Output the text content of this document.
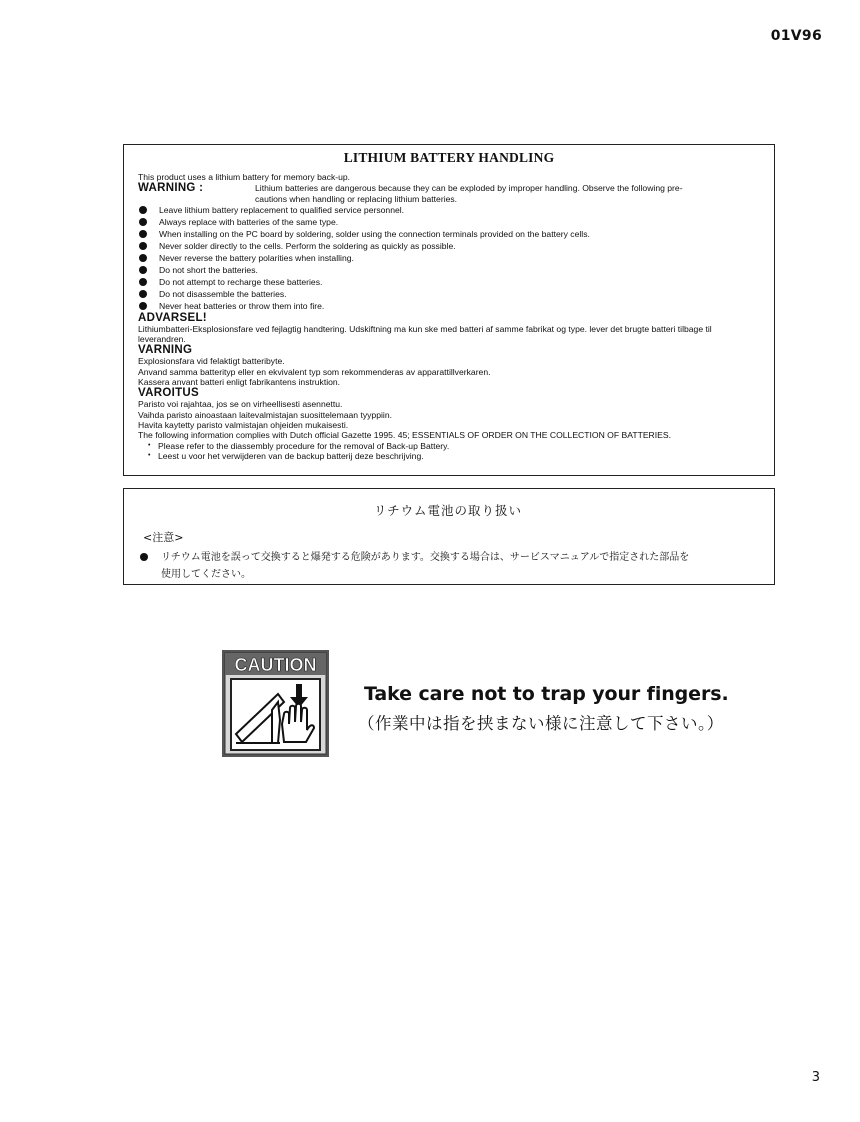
01V96

LITHIUM BATTERY HANDLING

This product uses a lithium battery for memory back-up.

WARNING :	Lithium batteries are dangerous because they can be exploded by improper handling. Observe the following pre-
cautions when handling or replacing lithium batteries.

Leave lithium battery replacement to qualified service personnel.
Always replace with batteries of the same type.
When installing on the PC board by soldering, solder using the connection terminals provided on the battery cells.
Never solder directly to the cells. Perform the soldering as quickly as possible.
Never reverse the battery polarities when installing.
Do not short the batteries.
Do not attempt to recharge these batteries.
Do not disassemble the batteries.
Never heat batteries or throw them into fire.

ADVARSEL!

Lithiumbatteri-Eksplosionsfare ved fejlagtig handtering. Udskiftning ma kun ske med batteri af samme fabrikat og type. lever det brugte batteri tilbage til leverandren.

VARNING

Explosionsfara vid felaktigt batteribyte.

Anvand samma batterityp eller en ekvivalent typ som rekommenderas av apparattillverkaren.

Kassera anvant batteri enligt fabrikantens instruktion.

VAROITUS

Paristo voi rajahtaa, jos se on virheellisesti asennettu.

Vaihda paristo ainoastaan laitevalmistajan suosittelemaan tyyppiin.

Havita kaytetty paristo valmistajan ohjeiden mukaisesti.

The following information complies with Dutch official Gazette 1995. 45; ESSENTIALS OF ORDER ON THE COLLECTION OF BATTERIES.

• Please refer to the diassembly procedure for the removal of Back-up Battery.
• Leest u voor het verwijderen van de backup batterij deze beschrijving.

リチウム電池の取り扱い

<注意>

リチウム電池を誤って交換すると爆発する危険があります。交換する場合は、サービスマニュアルで指定された部品を
使用してください。
CAUTION
Take care not to trap your fingers.
（作業中は指を挟まない様に注意して下さい。）
3
